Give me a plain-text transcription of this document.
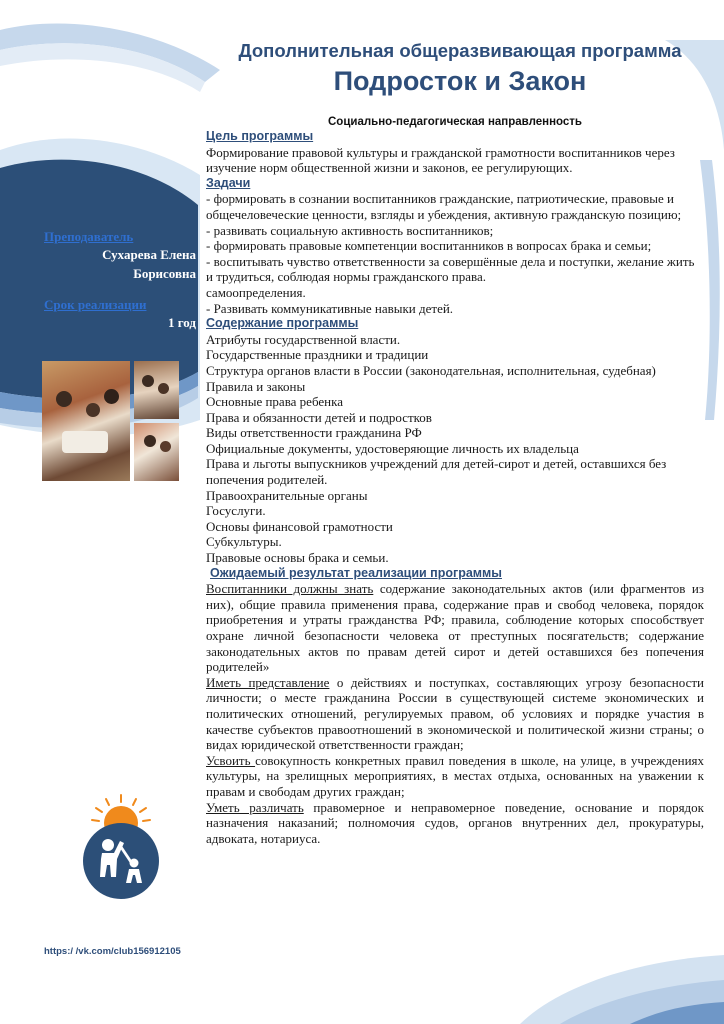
Дополнительная общеразвивающая программа
Подросток и Закон
Социально-педагогическая направленность
Преподаватель
Сухарева Елена
Борисовна
Срок реализации
1 год
Цель программы

Формирование правовой культуры и гражданской грамотности воспитанников через изучение норм общественной жизни и законов, ее регулирующих.

Задачи

- формировать в сознании воспитанников гражданские, патриотические, правовые и общечеловеческие ценности, взгляды и убеждения, активную гражданскую позицию;

- развивать социальную активность воспитанников;

- формировать правовые компетенции воспитанников в вопросах брака и семьи;

- воспитывать чувство ответственности за совершённые дела и поступки, желание жить и трудиться, соблюдая нормы гражданского права.

самоопределения.

- Развивать коммуникативные навыки детей.

Содержание программы

Атрибуты государственной власти.

Государственные праздники и традиции

Структура органов власти в России (законодательная, исполнительная, судебная)

Правила и законы

Основные права ребенка

Права и обязанности детей и подростков

Виды ответственности гражданина РФ

Официальные документы, удостоверяющие личность их владельца

Права и льготы выпускников учреждений для детей-сирот и детей, оставшихся без попечения родителей.

Правоохранительные органы

Госуслуги.

Основы финансовой грамотности

Субкультуры.

Правовые основы брака и семьи.

Ожидаемый результат реализации программы

Воспитанники должны знать содержание законодательных актов (или фрагментов из них), общие правила применения права, содержание прав и свобод человека, порядок приобретения и утраты гражданства РФ; правила, соблюдение которых способствует охране личной безопасности человека от преступных посягательств; содержание законодательных актов по правам детей сирот и детей оставшихся без попечения родителей»

Иметь представление о действиях и поступках, составляющих угрозу безопасности личности; о месте гражданина России в существующей системе экономических и политических отношений, регулируемых правом, об условиях и порядке участия в качестве субъектов правоотношений в экономической и политической жизни страны; о видах юридической ответственности граждан;

Усвоить совокупность конкретных правил поведения в школе, на улице, в учреждениях культуры, на зрелищных мероприятиях, в местах отдыха, основанных на уважении к правам и свободам других граждан;

Уметь различать правомерное и неправомерное поведение, основание и порядок назначения наказаний; полномочия судов, органов внутренних дел, прокуратуры, адвоката, нотариуса.

https:/ /vk.com/club156912105
